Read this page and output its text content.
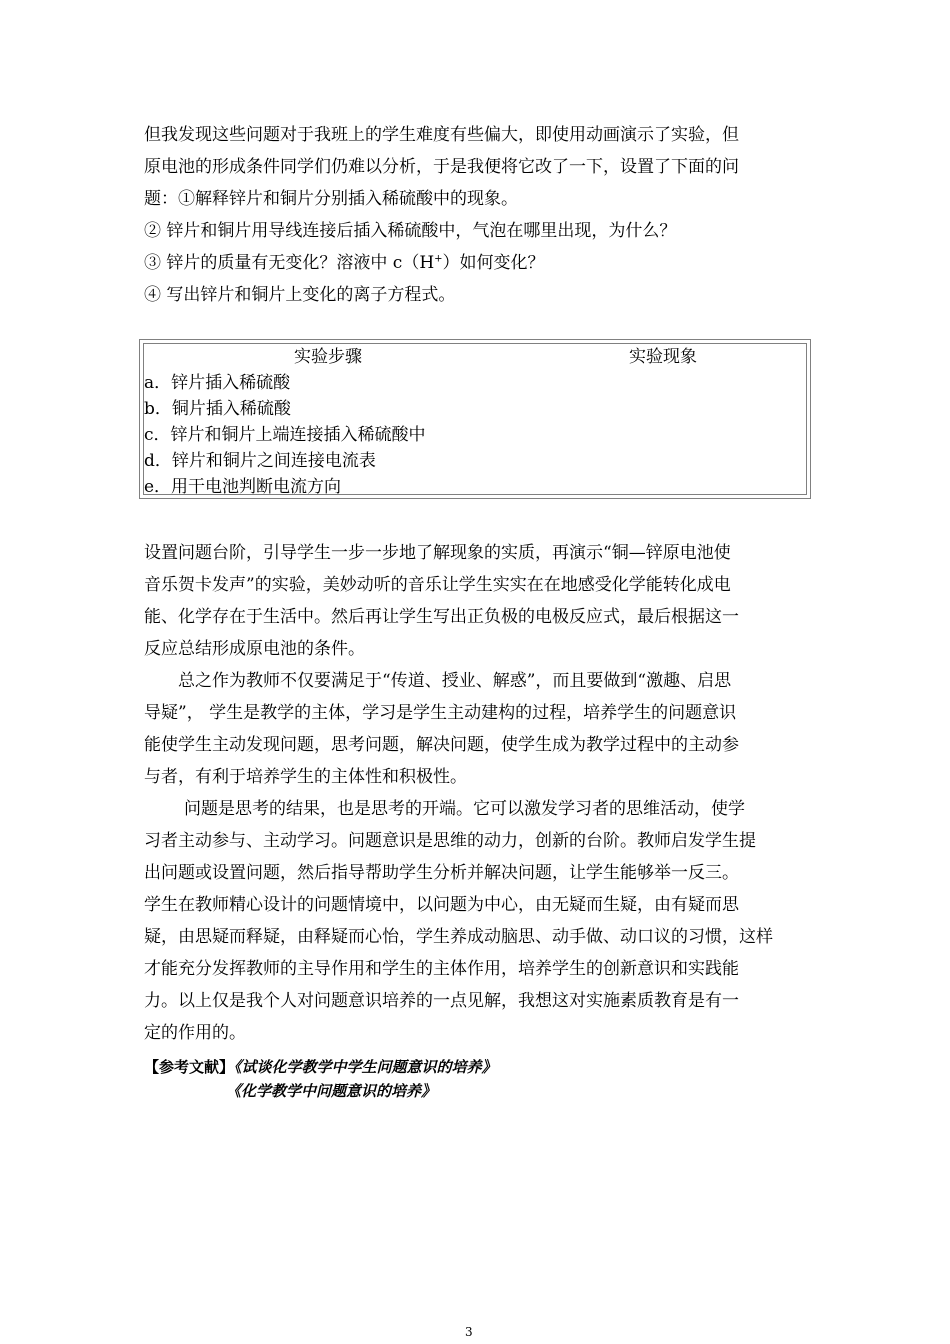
但我发现这些问题对于我班上的学生难度有些偏大，即使用动画演示了实验，但
原电池的形成条件同学们仍难以分析，于是我便将它改了一下，设置了下面的问
题：①解释锌片和铜片分别插入稀硫酸中的现象。
② 锌片和铜片用导线连接后插入稀硫酸中，气泡在哪里出现，为什么？
③ 锌片的质量有无变化？溶液中 c（H+）如何变化？
④ 写出锌片和铜片上变化的离子方程式。
实验步骤	实验现象
a．锌片插入稀硫酸
b．铜片插入稀硫酸
c．锌片和铜片上端连接插入稀硫酸中
d．锌片和铜片之间连接电流表
e．用干电池判断电流方向
设置问题台阶，引导学生一步一步地了解现象的实质，再演示“铜—锌原电池使
音乐贺卡发声”的实验，美妙动听的音乐让学生实实在在地感受化学能转化成电
能、化学存在于生活中。然后再让学生写出正负极的电极反应式，最后根据这一
反应总结形成原电池的条件。
总之作为教师不仅要满足于“传道、授业、解惑”，而且要做到“激趣、启思
导疑”， 学生是教学的主体，学习是学生主动建构的过程，培养学生的问题意识
能使学生主动发现问题，思考问题，解决问题，使学生成为教学过程中的主动参
与者，有利于培养学生的主体性和积极性。
问题是思考的结果，也是思考的开端。它可以激发学习者的思维活动，使学
习者主动参与、主动学习。问题意识是思维的动力，创新的台阶。教师启发学生提
出问题或设置问题，然后指导帮助学生分析并解决问题，让学生能够举一反三。
学生在教师精心设计的问题情境中，以问题为中心，由无疑而生疑，由有疑而思
疑，由思疑而释疑，由释疑而心怡，学生养成动脑思、动手做、动口议的习惯，这样
才能充分发挥教师的主导作用和学生的主体作用，培养学生的创新意识和实践能
力。以上仅是我个人对问题意识培养的一点见解，我想这对实施素质教育是有一
定的作用的。
【参考文献】《试谈化学教学中学生问题意识的培养》
《化学教学中问题意识的培养》
3
